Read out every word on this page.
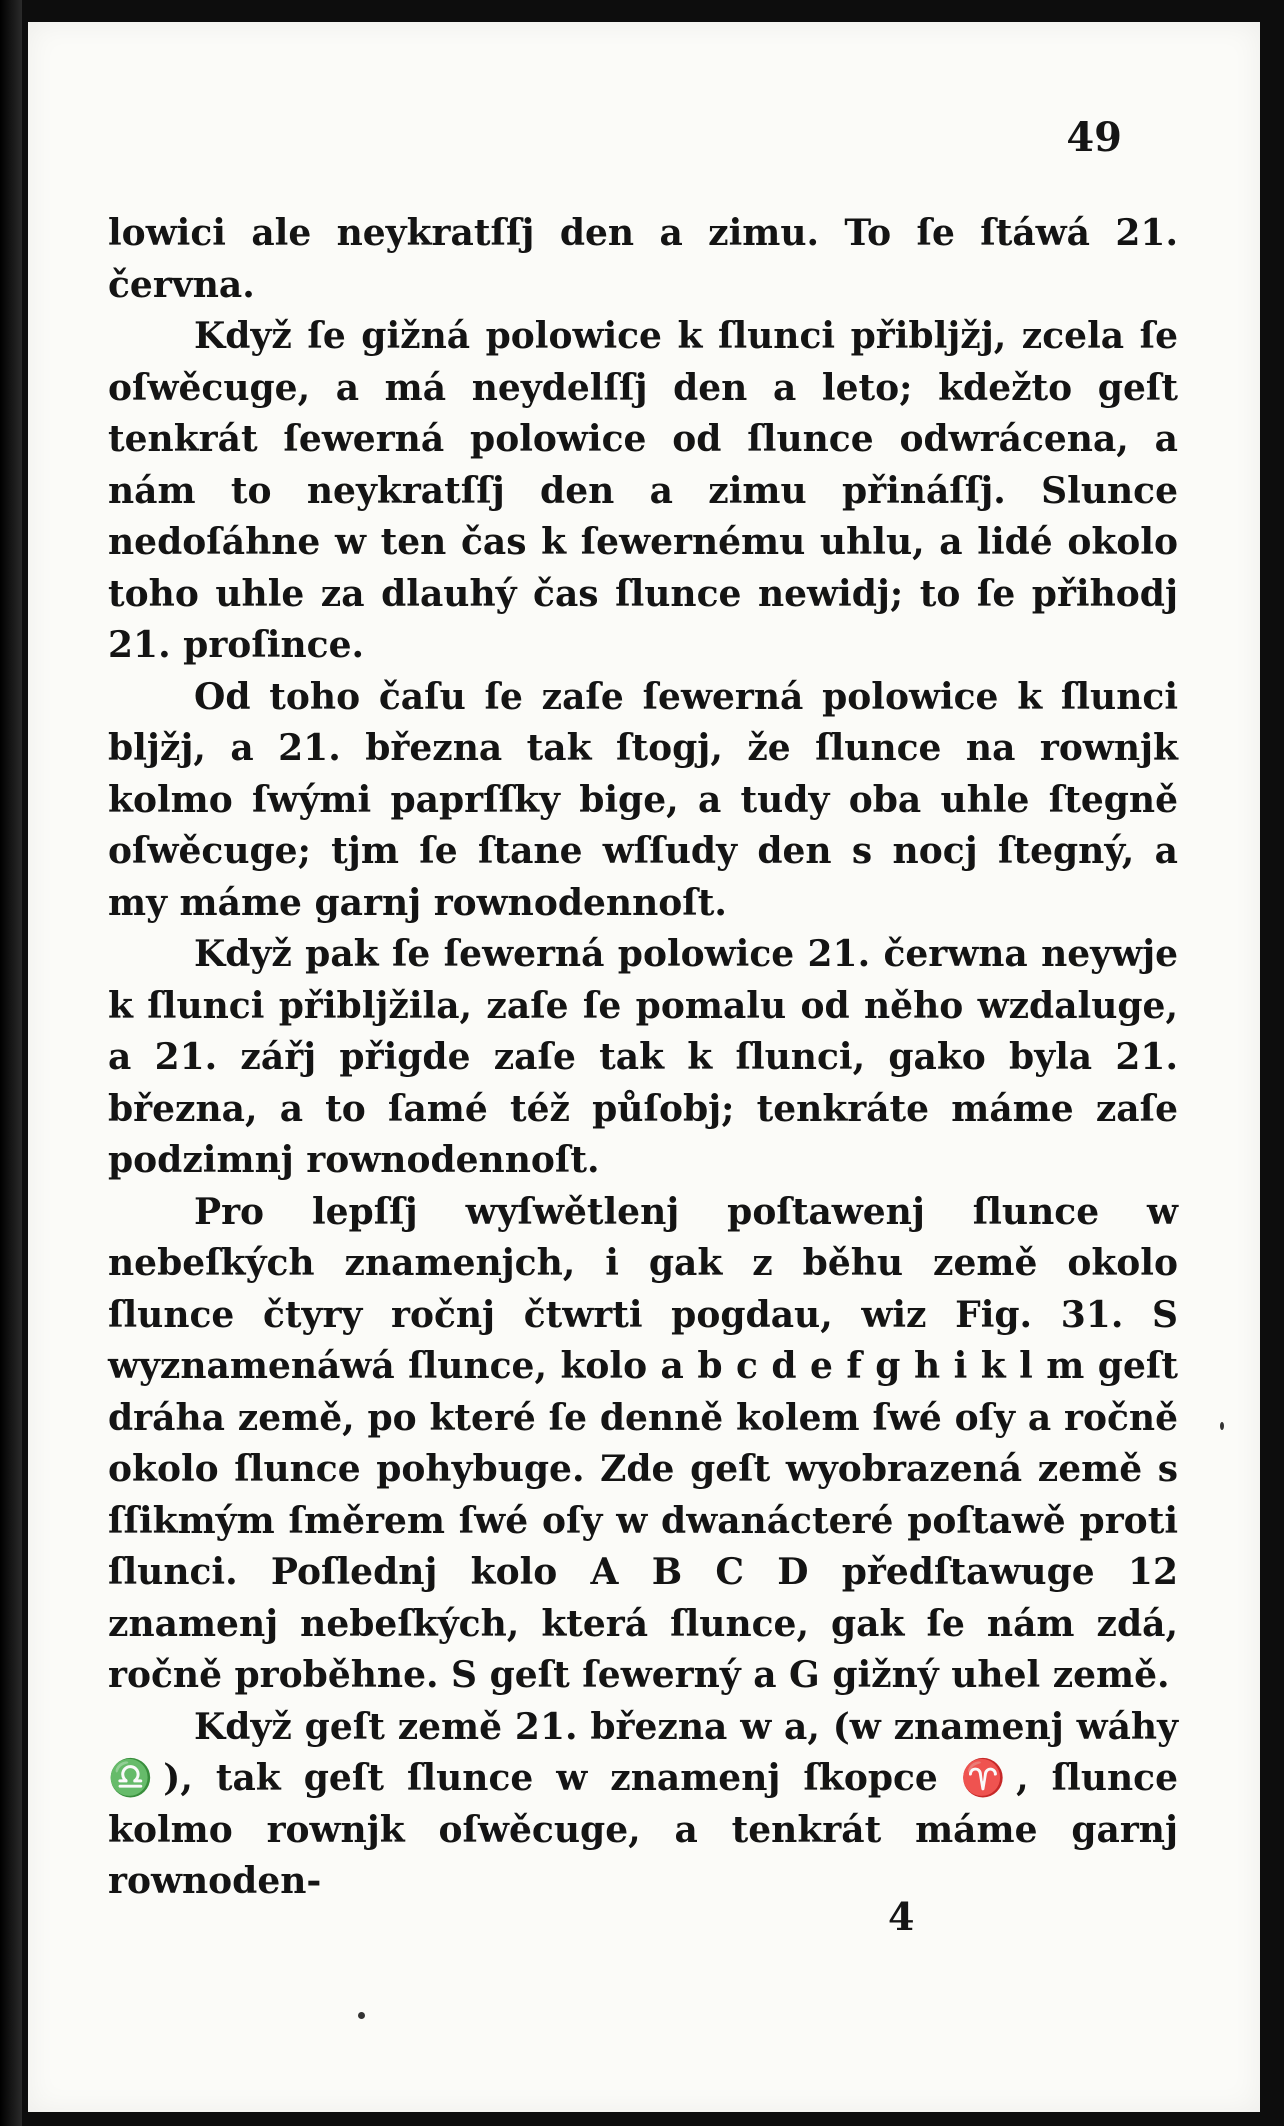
49

lowici ale neykratſſj den a zimu. To ſe ſtáwá 21. června.

Když ſe gižná polowice k ſlunci přibljžj, zcela ſe oſwěcuge, a má neydelſſj den a leto; kdežto geſt tenkrát ſewerná polowice od ſlunce odwrácena, a nám to neykratſſj den a zimu přináſſj. Slunce nedoſáhne w ten čas k ſewernému uhlu, a lidé okolo toho uhle za dlauhý čas ſlunce newidj; to ſe přihodj 21. proſince.

Od toho čaſu ſe zaſe ſewerná polowice k ſlunci bljžj, a 21. března tak ſtogj, že ſlunce na rownjk kolmo ſwými paprſſky bige, a tudy oba uhle ſtegně oſwěcuge; tjm ſe ſtane wſſudy den s nocj ſtegný, a my máme garnj rownodennoſt.

Když pak ſe ſewerná polowice 21. čerwna neywje k ſlunci přibljžila, zaſe ſe pomalu od něho wzdaluge, a 21. zářj přigde zaſe tak k ſlunci, gako byla 21. března, a to ſamé též půſobj; tenkráte máme zaſe podzimnj rownodennoſt.

Pro lepſſj wyſwětlenj poſtawenj ſlunce w nebeſkých znamenjch, i gak z běhu země okolo ſlunce čtyry ročnj čtwrti pogdau, wiz Fig. 31. S wyznamenáwá ſlunce, kolo a b c d e f g h i k l m geſt dráha země, po které ſe denně kolem ſwé oſy a ročně okolo ſlunce pohybuge. Zde geſt wyobrazená země s ſſikmým ſměrem ſwé oſy w dwanácteré poſtawě proti ſlunci. Poſlednj kolo A B C D předſtawuge 12 znamenj nebeſkých, která ſlunce, gak ſe nám zdá, ročně proběhne. S geſt ſewerný a G gižný uhel země.

Když geſt země 21. března w a, (w znamenj wáhy ♎), tak geſt ſlunce w znamenj ſkopce ♈, ſlunce kolmo rownjk oſwěcuge, a tenkrát máme garnj rownoden-

4
